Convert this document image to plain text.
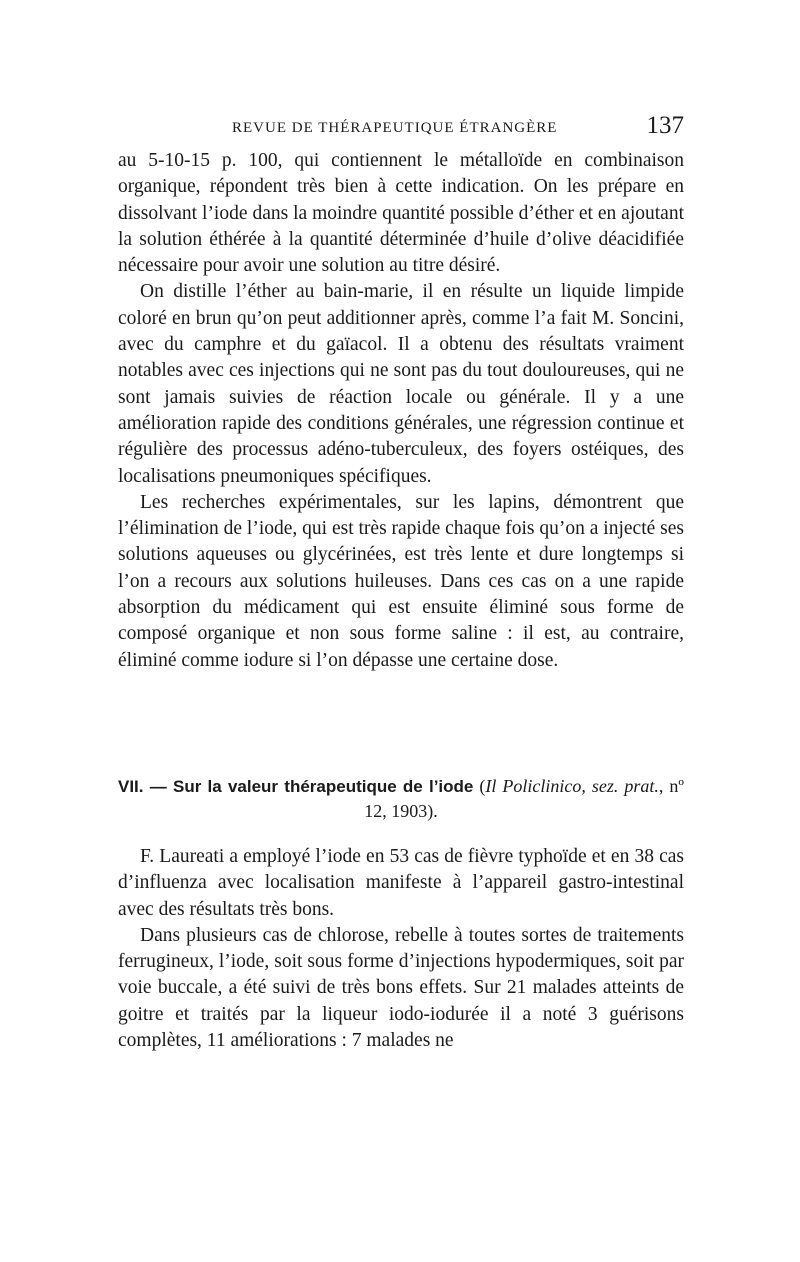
REVUE DE THÉRAPEUTIQUE ÉTRANGÈRE	137

au 5-10-15 p. 100, qui contiennent le métalloïde en combinaison organique, répondent très bien à cette indication. On les prépare en dissolvant l’iode dans la moindre quantité possible d’éther et en ajoutant la solution éthérée à la quantité déterminée d’huile d’olive déacidifiée nécessaire pour avoir une solution au titre désiré.

On distille l’éther au bain-marie, il en résulte un liquide limpide coloré en brun qu’on peut additionner après, comme l’a fait M. Soncini, avec du camphre et du gaïacol. Il a obtenu des résultats vraiment notables avec ces injections qui ne sont pas du tout douloureuses, qui ne sont jamais suivies de réaction locale ou générale. Il y a une amélioration rapide des conditions générales, une régression continue et régulière des processus adéno-tuberculeux, des foyers ostéiques, des localisations pneumoniques spécifiques.

Les recherches expérimentales, sur les lapins, démontrent que l’élimination de l’iode, qui est très rapide chaque fois qu’on a injecté ses solutions aqueuses ou glycérinées, est très lente et dure longtemps si l’on a recours aux solutions huileuses. Dans ces cas on a une rapide absorption du médicament qui est ensuite éliminé sous forme de composé organique et non sous forme saline : il est, au contraire, éliminé comme iodure si l’on dépasse une certaine dose.

VII. — Sur la valeur thérapeutique de l’iode (Il Policlinico, sez. prat., nº 12, 1903).

F. Laureati a employé l’iode en 53 cas de fièvre typhoïde et en 38 cas d’influenza avec localisation manifeste à l’appareil gastro-intestinal avec des résultats très bons.

Dans plusieurs cas de chlorose, rebelle à toutes sortes de traitements ferrugineux, l’iode, soit sous forme d’injections hypodermiques, soit par voie buccale, a été suivi de très bons effets. Sur 21 malades atteints de goitre et traités par la liqueur iodo-iodurée il a noté 3 guérisons complètes, 11 améliorations : 7 malades ne
